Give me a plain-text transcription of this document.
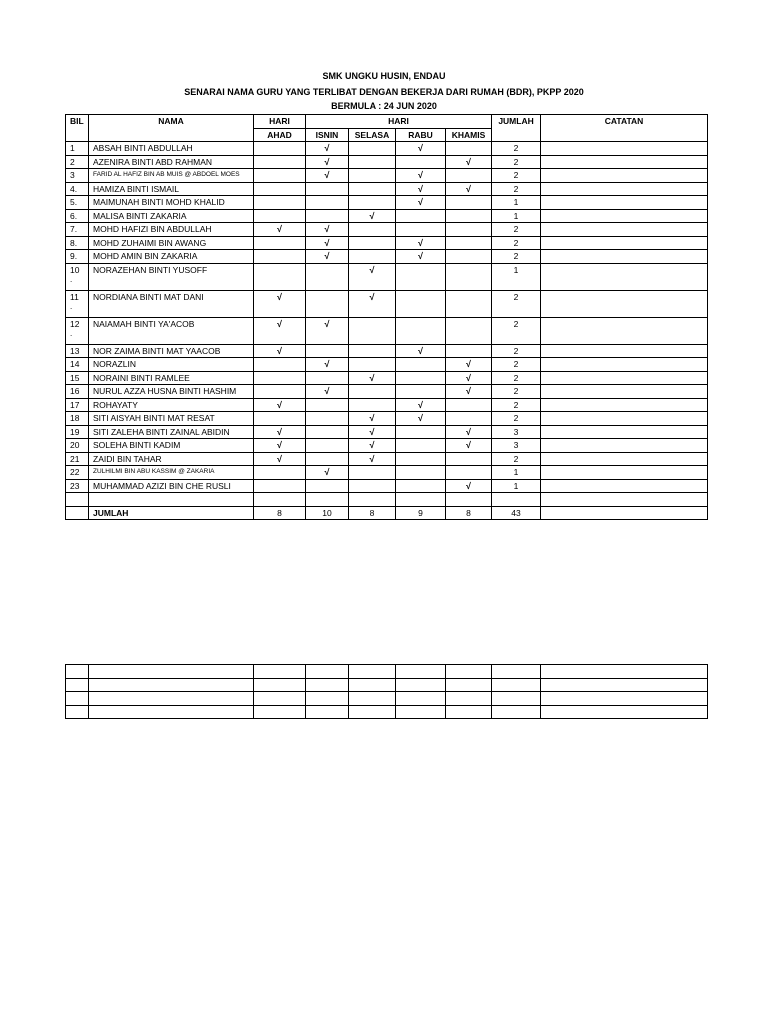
SMK UNGKU HUSIN, ENDAU
SENARAI NAMA GURU YANG TERLIBAT DENGAN BEKERJA DARI RUMAH (BDR), PKPP 2020
BERMULA : 24 JUN 2020
BIL	NAMA	HARI	HARI				JUMLAH	CATATAN
		AHAD	ISNIN	SELASA	RABU	KHAMIS		
1	ABSAH BINTI ABDULLAH		√		√		2	
2	AZENIRA BINTI ABD RAHMAN		√			√	2	
3	FARID AL HAFIZ BIN AB MUIS @ ABDOEL MOES		√		√		2	
4.	HAMIZA BINTI ISMAIL				√	√	2	
5.	MAIMUNAH BINTI MOHD KHALID				√		1	
6.	MALISA BINTI ZAKARIA			√			1	
7.	MOHD HAFIZI BIN ABDULLAH	√	√				2	
8.	MOHD ZUHAIMI BIN AWANG		√		√		2	
9.	MOHD AMIN BIN ZAKARIA		√		√		2	
10
.	NORAZEHAN BINTI YUSOFF			√			1	
11
.	NORDIANA BINTI MAT DANI	√		√			2	
12
.	NAIAMAH BINTI YA'ACOB	√	√				2	
13	NOR ZAIMA BINTI MAT YAACOB	√			√		2	
14	NORAZLIN		√			√	2	
15	NORAINI BINTI RAMLEE			√		√	2	
16	NURUL AZZA HUSNA BINTI HASHIM		√			√	2	
17	ROHAYATY	√			√		2	
18	SITI AISYAH BINTI MAT RESAT			√	√		2	
19	SITI ZALEHA BINTI ZAINAL ABIDIN	√		√		√	3	
20	SOLEHA BINTI KADIM	√		√		√	3	
21	ZAIDI BIN TAHAR	√		√			2	
22	ZULHILMI BIN ABU KASSIM @ ZAKARIA		√				1	
23	MUHAMMAD AZIZI BIN CHE RUSLI					√	1	

	JUMLAH	8	10	8	9	8	43	
